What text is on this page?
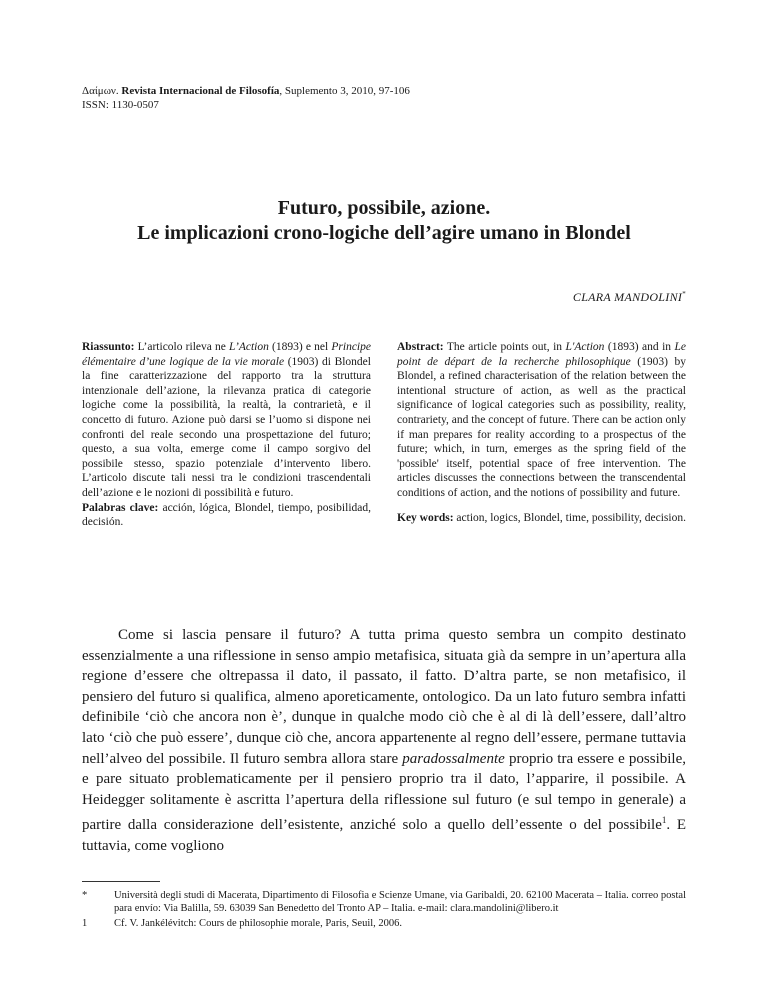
Δαίμων. Revista Internacional de Filosofía, Suplemento 3, 2010, 97-106
ISSN: 1130-0507
Futuro, possibile, azione.
Le implicazioni crono-logiche dell’agire umano in Blondel
CLARA MANDOLINI*
Riassunto: L’articolo rileva ne L’Action (1893) e nel Principe élémentaire d’une logique de la vie morale (1903) di Blondel la fine caratterizzazione del rapporto tra la struttura intenzionale dell’azione, la rilevanza pratica di categorie logiche come la possibilità, la realtà, la contrarietà, e il concetto di futuro. Azione può darsi se l’uomo si dispone nei confronti del reale secondo una prospettazione del futuro; questo, a sua volta, emerge come il campo sorgivo del possibile stesso, spazio potenziale d’intervento libero. L’articolo discute tali nessi tra le condizioni trascendentali dell’azione e le nozioni di possibilità e futuro.
Palabras clave: acción, lógica, Blondel, tiempo, posibilidad, decisión.
Abstract: The article points out, in L'Action (1893) and in Le point de départ de la recherche philosophique (1903) by Blondel, a refined characterisation of the relation between the intentional structure of action, as well as the practical significance of logical categories such as possibility, reality, contrariety, and the concept of future. There can be action only if man prepares for reality according to a prospectus of the future; which, in turn, emerges as the spring field of the 'possible' itself, potential space of free intervention. The articles discusses the connections between the transcendental conditions of action, and the notions of possibility and future.
Key words: action, logics, Blondel, time, possibility, decision.
Come si lascia pensare il futuro? A tutta prima questo sembra un compito destinato essenzialmente a una riflessione in senso ampio metafisica, situata già da sempre in un’apertura alla regione d’essere che oltrepassa il dato, il passato, il fatto. D’altra parte, se non metafisico, il pensiero del futuro si qualifica, almeno aporeticamente, ontologico. Da un lato futuro sembra infatti definibile ‘ciò che ancora non è’, dunque in qualche modo ciò che è al di là dell’essere, dall’altro lato ‘ciò che può essere’, dunque ciò che, ancora appartenente al regno dell’essere, permane tuttavia nell’alveo del possibile. Il futuro sembra allora stare paradossalmente proprio tra essere e possibile, e pare situato problematicamente per il pensiero proprio tra il dato, l’apparire, il possibile. A Heidegger solitamente è ascritta l’apertura della riflessione sul futuro (e sul tempo in generale) a partire dalla considerazione dell’esistente, anziché solo a quello dell’essente o del possibile$^1$. E tuttavia, come vogliono
*	Università degli studi di Macerata, Dipartimento di Filosofia e Scienze Umane, via Garibaldi, 20. 62100 Macerata – Italia. correo postal para envío: Via Balilla, 59. 63039 San Benedetto del Tronto AP – Italia. e-mail: clara.mandolini@libero.it
1	Cf. V. Jankélévitch: Cours de philosophie morale, Paris, Seuil, 2006.
